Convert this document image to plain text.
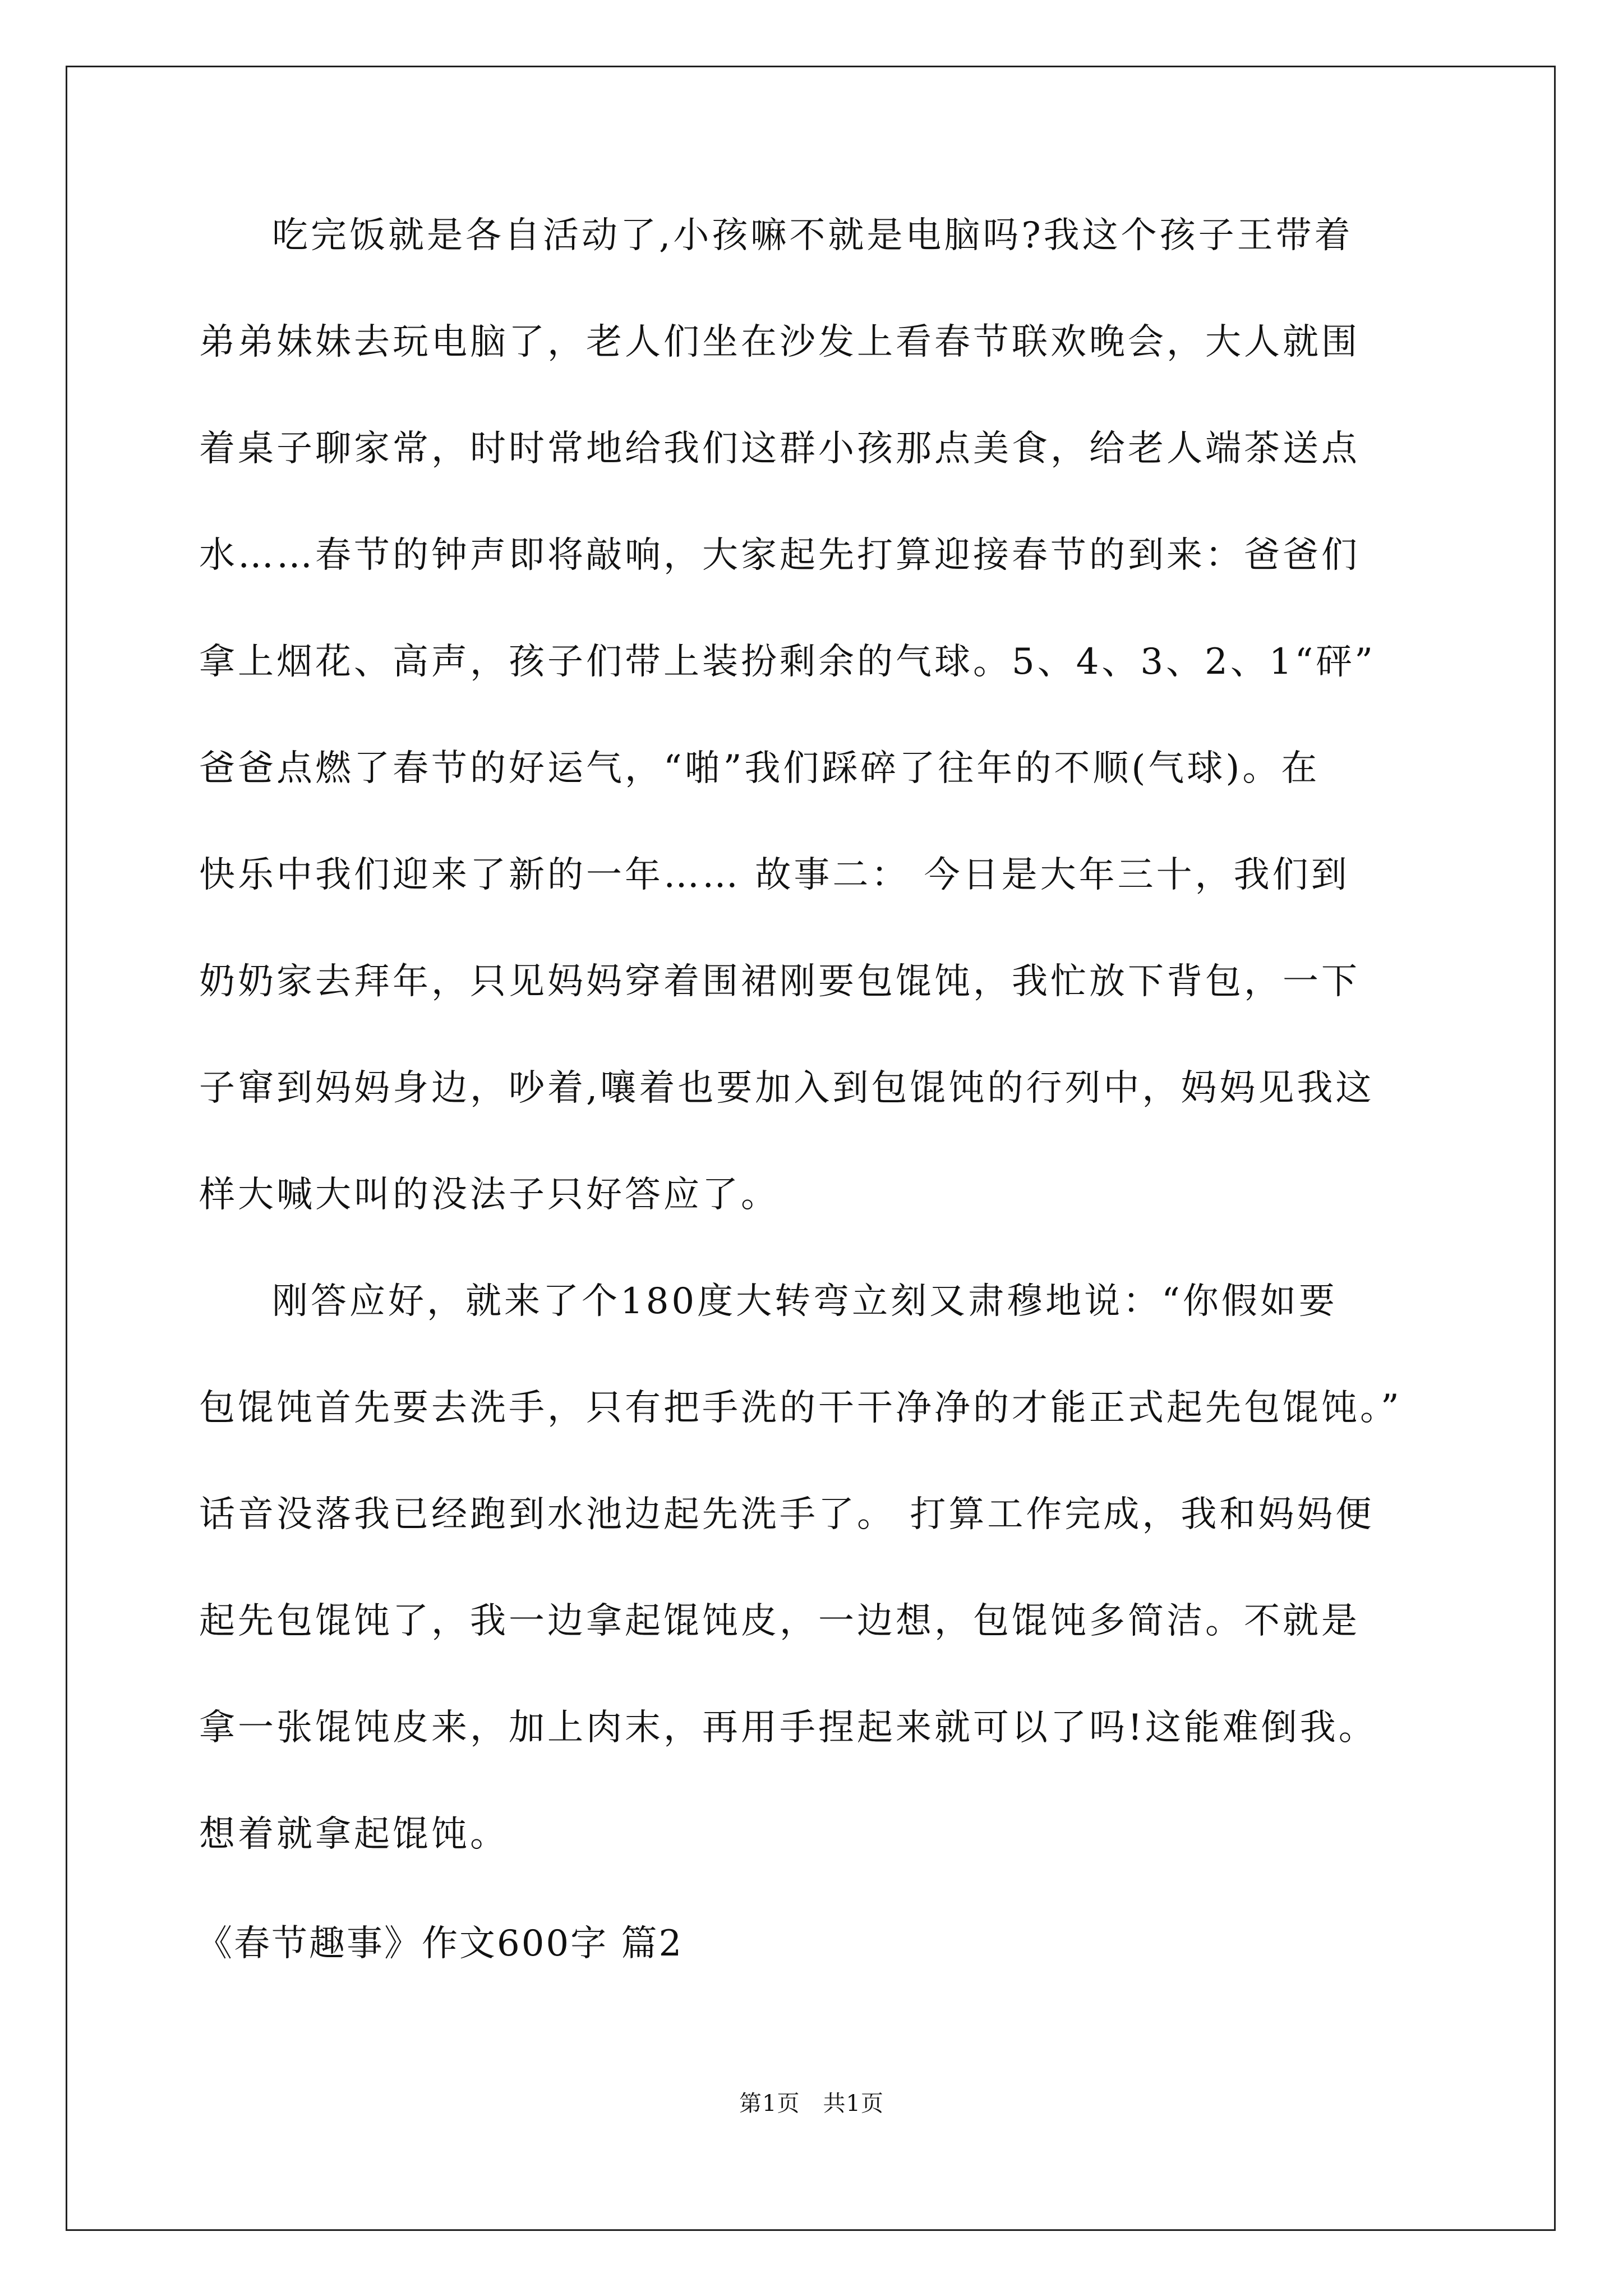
吃完饭就是各自活动了,小孩嘛不就是电脑吗?我这个孩子王带着
弟弟妹妹去玩电脑了，老人们坐在沙发上看春节联欢晚会，大人就围
着桌子聊家常，时时常地给我们这群小孩那点美食，给老人端茶送点
水……春节的钟声即将敲响，大家起先打算迎接春节的到来：爸爸们
拿上烟花、高声，孩子们带上装扮剩余的气球。5、4、3、2、1“砰”
爸爸点燃了春节的好运气，“啪”我们踩碎了往年的不顺(气球)。在
快乐中我们迎来了新的一年…… 故事二： 今日是大年三十，我们到
奶奶家去拜年，只见妈妈穿着围裙刚要包馄饨，我忙放下背包，一下
子窜到妈妈身边，吵着,嚷着也要加入到包馄饨的行列中，妈妈见我这
样大喊大叫的没法子只好答应了。
刚答应好，就来了个180度大转弯立刻又肃穆地说：“你假如要
包馄饨首先要去洗手，只有把手洗的干干净净的才能正式起先包馄饨。”
话音没落我已经跑到水池边起先洗手了。 打算工作完成，我和妈妈便
起先包馄饨了，我一边拿起馄饨皮，一边想，包馄饨多简洁。不就是
拿一张馄饨皮来，加上肉末，再用手捏起来就可以了吗!这能难倒我。
想着就拿起馄饨。
《春节趣事》作文600字 篇2
第1页　共1页
